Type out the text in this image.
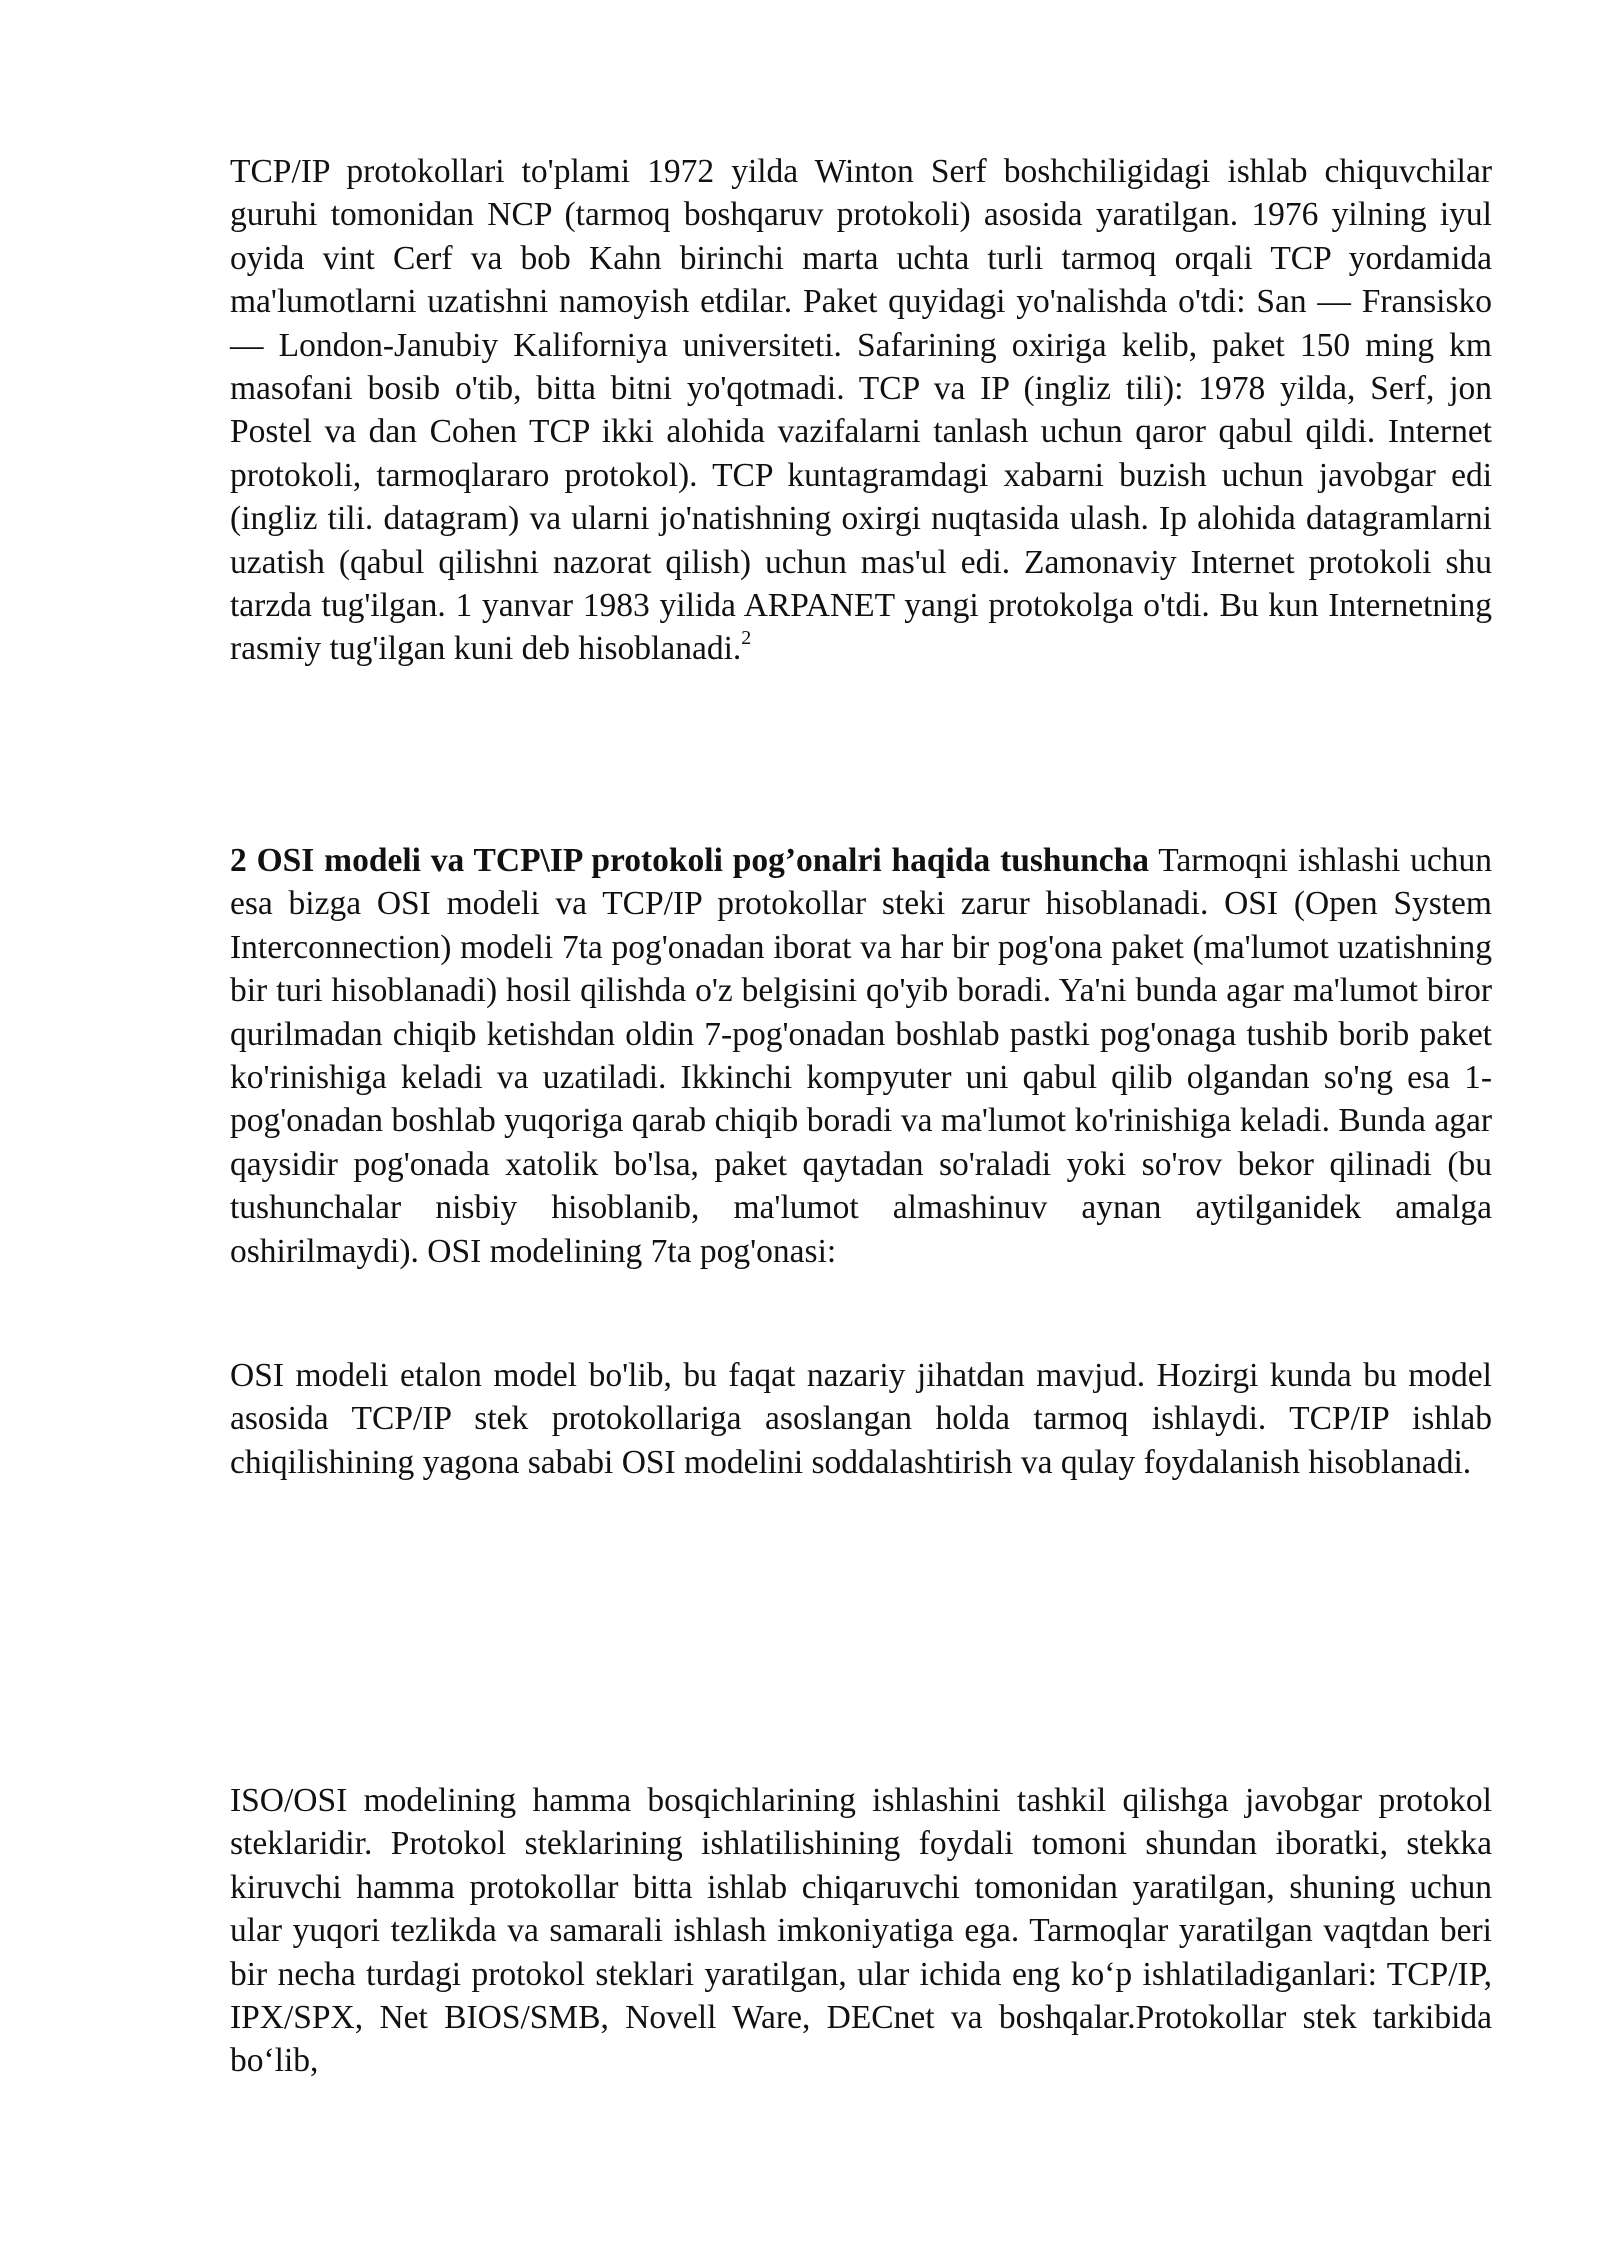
TCP/IP protokollari to'plami 1972 yilda Winton Serf boshchiligidagi ishlab chiquvchilar guruhi tomonidan NCP (tarmoq boshqaruv protokoli) asosida yaratilgan. 1976 yilning iyul oyida vint Cerf va bob Kahn birinchi marta uchta turli tarmoq orqali TCP yordamida ma'lumotlarni uzatishni namoyish etdilar. Paket quyidagi yo'nalishda o'tdi: San — Fransisko — London-Janubiy Kaliforniya universiteti. Safarining oxiriga kelib, paket 150 ming km masofani bosib o'tib, bitta bitni yo'qotmadi. TCP va IP (ingliz tili): 1978 yilda, Serf, jon Postel va dan Cohen TCP ikki alohida vazifalarni tanlash uchun qaror qabul qildi. Internet protokoli, tarmoqlararo protokol). TCP kuntagramdagi xabarni buzish uchun javobgar edi (ingliz tili. datagram) va ularni jo'natishning oxirgi nuqtasida ulash. Ip alohida datagramlarni uzatish (qabul qilishni nazorat qilish) uchun mas'ul edi. Zamonaviy Internet protokoli shu tarzda tug'ilgan. 1 yanvar 1983 yilida ARPANET yangi protokolga o'tdi. Bu kun Internetning rasmiy tug'ilgan kuni deb hisoblanadi.$^2$

2 OSI modeli va TCP\IP protokoli pog’onalri haqida tushuncha Tarmoqni ishlashi uchun esa bizga OSI modeli va TCP/IP protokollar steki zarur hisoblanadi. OSI (Open System Interconnection) modeli 7ta pog'onadan iborat va har bir pog'ona paket (ma'lumot uzatishning bir turi hisoblanadi) hosil qilishda o'z belgisini qo'yib boradi. Ya'ni bunda agar ma'lumot biror qurilmadan chiqib ketishdan oldin 7-pog'onadan boshlab pastki pog'onaga tushib borib paket ko'rinishiga keladi va uzatiladi. Ikkinchi kompyuter uni qabul qilib olgandan so'ng esa 1-pog'onadan boshlab yuqoriga qarab chiqib boradi va ma'lumot ko'rinishiga keladi. Bunda agar qaysidir pog'onada xatolik bo'lsa, paket qaytadan so'raladi yoki so'rov bekor qilinadi (bu tushunchalar nisbiy hisoblanib, ma'lumot almashinuv aynan aytilganidek amalga oshirilmaydi). OSI modelining 7ta pog'onasi:

OSI modeli etalon model bo'lib, bu faqat nazariy jihatdan mavjud. Hozirgi kunda bu model asosida TCP/IP stek protokollariga asoslangan holda tarmoq ishlaydi. TCP/IP ishlab chiqilishining yagona sababi OSI modelini soddalashtirish va qulay foydalanish hisoblanadi.

ISO/OSI modelining hamma bosqichlarining ishlashini tashkil qilishga javobgar protokol steklaridir. Protokol steklarining ishlatilishining foydali tomoni shundan iboratki, stekka kiruvchi hamma protokollar bitta ishlab chiqaruvchi tomonidan yaratilgan, shuning uchun ular yuqori tezlikda va samarali ishlash imkoniyatiga ega. Tarmoqlar yaratilgan vaqtdan beri bir necha turdagi protokol steklari yaratilgan, ular ichida eng ko‘p ishlatiladiganlari: TCP/IP, IPX/SPX, Net BIOS/SMB, Novell Ware, DECnet va boshqalar.Protokollar stek tarkibida bo‘lib,
